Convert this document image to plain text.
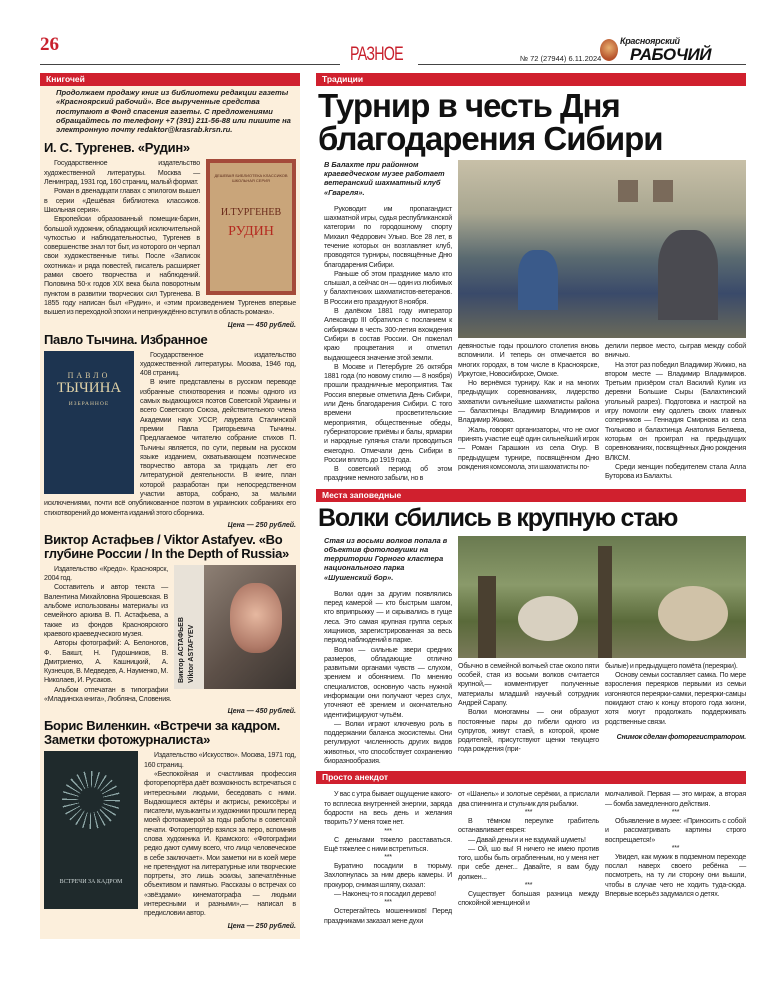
26	РАЗНОЕ	№ 72 (27944) 6.11.2024
Красноярский
РАБОЧИЙ
Книгочей
Продолжаем продажу книг из библиотеки редакции газеты «Красноярский рабочий». Все вырученные средства поступают в Фонд спасения газеты. С предложениями обращайтесь по телефону +7 (391) 211-56-88 или пишите на электронную почту redaktor@krasrab.krsn.ru.
И. С. Тургенев. «Рудин»
ДЕШЕВАЯ БИБЛИОТЕКА КЛАССИКОВ ШКОЛЬНАЯ СЕРИЯ
И.ТУРГЕНЕВ
РУДИН

Государственное издательство художественной литературы. Москва — Ленинград, 1931 год, 160 страниц, малый формат.

Роман в двенадцати главах с эпилогом вышел в серии «Дешёвая библиотека классиков. Школьная серия».

Европейски образованный помещик-барин, большой художник, обладающий исключительной чуткостью и наблюдательностью, Тургенев в совершенстве знал тот быт, из которого он черпал свои художественные типы. После «Записок охотника» и ряда повестей, писатель расширяет рамки своего творчества и наблюдений. Половина 50-х годов XIX века была поворотным пунктом в развитии творческих сил Тургенева. В 1855 году написан был «Рудин», и «этим произведением Тургенев впервые вышел из переходной эпохи и непринуждённо вступил в область романа».

Цена — 450 рублей.
Павло Тычина. Избранное
ПАВЛО
ТЫЧИНА
ИЗБРАННОЕ

Государственное издательство художественной литературы. Москва, 1946 год, 408 страниц.

В книге представлены в русском переводе избранные стихотворения и поэмы одного из самых выдающихся поэтов Советской Украины и всего Советского Союза, действительного члена Академии наук УССР, лауреата Сталинской премии Павла Григорьевича Тычины. Предлагаемое читателю собрание стихов П. Тычины является, по сути, первым на русском языке изданием, охватывающем поэтическое творчество автора за тридцать лет его литературной деятельности. В книге, план которой разработан при непосредственном участии автора, собрано, за малыми исключениями, почти всё опубликованное поэтом в украинских собраниях его стихотворений до момента изданий этого сборника.

Цена — 250 рублей.
Виктор Астафьев / Viktor Astafyev. «Во глубине России / In the Depth of Russia»
Виктор АСТАФЬЕВ Viktor ASTAFYEV

Издательство «Кредо». Красноярск, 2004 год.

Составитель и автор текста — Валентина Михайловна Ярошевская. В альбоме использованы материалы из семейного архива В. П. Астафьева, а также из фондов Красноярского краевого краеведческого музея.

Авторы фотографий: А. Белоногов, Ф. Бакшт, Н. Гудошников, В. Дмитриенко, А. Кашницкий, А. Кузнецов, В. Медведев, А. Науменко, М. Николаев, И. Русаков.

Альбом отпечатан в типографии «Младинска книга», Любляна, Словения.

Цена — 450 рублей.
Борис Виленкин. «Встречи за кадром. Заметки фотожурналиста»
ВСТРЕЧИ ЗА КАДРОМ

Издательство «Искусство». Москва, 1971 год, 160 страниц.

«Беспокойная и счастливая профессия фоторепортёра даёт возможность встречаться с интересными людьми, беседовать с ними. Выдающиеся актёры и актрисы, режиссёры и писатели, музыканты и художники прошли перед моей фотокамерой за годы работы в советской печати. Фоторепортёр взялся за перо, вспомнив слова художника И. Крамского: «Фотографии редко дают сумму всего, что лицо человеческое в себе заключает». Мои заметки ни в коей мере не претендуют на литературные или творческие портреты, это лишь эскизы, запечатлённые объективом и памятью. Рассказы о встречах со «звёздами» кинематографа — людьми интересными и разными»,— написал в предисловии автор.

Цена — 250 рублей.
Традиции
Турнир в честь Дня благодарения Сибири
В Балахте при районном краеведческом музее работает ветеранский шахматный клуб «Гвареля».

Руководит им пропагандист шахматной игры, судья республиканской категории по городошному спорту Михаил Фёдорович Улько. Все 28 лет, в течение которых он возглавляет клуб, проводятся турниры, посвящённые Дню благодарения Сибири.

Раньше об этом празднике мало кто слышал, а сейчас он — один из любимых у балахтинских шахматистов-ветеранов. В России его празднуют 8 ноября.

В далёком 1881 году император Александр III обратился с посланием к сибирякам в честь 300-летия вхождения Сибири в состав России. Он пожелал краю процветания и отметил выдающееся значение этой земли.

В Москве и Петербурге 26 октября 1881 года (по новому стилю — 8 ноября) прошли праздничные мероприятия. Так Россия впервые отметила День Сибири, или День благодарения Сибири. С того времени просветительские мероприятия, общественные обеды, губернаторские приёмы и балы, ярмарки и народные гулянья стали проводиться ежегодно. Отмечали день Сибири в России вплоть до 1919 года.

В советский период об этом празднике немного забыли, но в

девяностые годы прошлого столетия вновь вспомнили. И теперь он отмечается во многих городах, в том числе в Красноярске, Иркутске, Новосибирске, Омске.

Но вернёмся турниру. Как и на многих предыдущих соревнованиях, лидерство захватили сильнейшие шахматисты района — балахтинцы Владимир Владимиров и Владимир Жижко.

Жаль, говорят организаторы, что не смог принять участие ещё один сильнейший игрок — Роман Гарашкин из села Огур. В предыдущем турнире, посвящённом Дню рождения комсомола, эти шахматисты по-

делили первое место, сыграв между собой вничью.

На этот раз победил Владимир Жижко, на втором месте — Владимир Владимиров. Третьим призёром стал Василий Кулик из деревни Большие Сыры (Балахтинский угольный разрез). Подготовка и настрой на игру помогли ему одолеть своих главных соперников — Геннадия Смирнова из села Тюльково и балахтинца Анатолия Беляева, которым он проиграл на предыдущих соревнованиях, посвящённых Дню рождения ВЛКСМ.

Среди женщин победителем стала Алла Буторова из Балахты.

Места заповедные
Волки сбились в крупную стаю
Стая из восьми волков попала в объектив фотоловушки на территории Горного кластера национального парка «Шушенский бор».

Волки один за другим появлялись перед камерой — кто быстрым шагом, кто вприпрыжку — и скрывались в гуще леса. Это самая крупная группа серых хищников, зарегистрированная за весь период наблюдений в парке.

Волки — сильные звери средних размеров, обладающие отлично развитыми органами чувств — слухом, зрением и обонянием. По мнению специалистов, основную часть нужной информации они получают через слух, уточняют её зрением и окончательно идентифицируют чутьём.

— Волки играют ключевую роль в поддержании баланса экосистемы. Они регулируют численность других видов животных, что способствует сохранению биоразнообразия.

Обычно в семейной волчьей стае около пяти особей, стая из восьми волков считается крупной,— комментирует полученные материалы младший научный сотрудник Андрей Сарапу.

Волки моногамны — они образуют постоянные пары до гибели одного из супругов, живут стаей, в которой, кроме родителей, присутствуют щенки текущего года рождения (при-

былые) и предыдущего помёта (переярки).

Основу семьи составляет самка. По мере взросления переярков первыми из семьи изгоняются переярки-самки, переярки-самцы покидают стаю к концу второго года жизни, хотя могут продолжать поддерживать родственные связи.

Снимок сделан фоторегистратором.
Просто анекдот

У вас с утра бывает ощущение какого-то всплеска внутренней энергии, заряда бодрости на весь день и желания творить? У меня тоже нет.

***

С деньгами тяжело расставаться. Ещё тяжелее с ними встретиться.

***

Буратино посадили в тюрьму. Захлопнулась за ним дверь камеры. И прокурор, снимая шляпу, сказал:

— Наконец-то я посадил дерево!

***

Остерегайтесь мошенников! Перед праздниками заказал жене духи

от «Шанель» и золотые серёжки, а прислали два спиннинга и стульчик для рыбалки.

***

В тёмном переулке грабитель останавливает еврея:

— Давай деньги и не вздумай шуметь!

— Ой, шо вы! Я ничего не имею против того, шобы быть ограбленным, но у меня нет при себе денег... Давайте, я вам буду должен...

***

Существует большая разница между спокойной женщиной и

молчаливой. Первая — это мираж, а вторая — бомба замедленного действия.

***

Объявление в музее: «Приносить с собой и рассматривать картины строго воспрещается!»

***

Увидел, как мужик в подземном переходе послал наверх своего ребёнка — посмотреть, на ту ли сторону они вышли, чтобы в случае чего не ходить туда-сюда. Впервые всерьёз задумался о детях.
